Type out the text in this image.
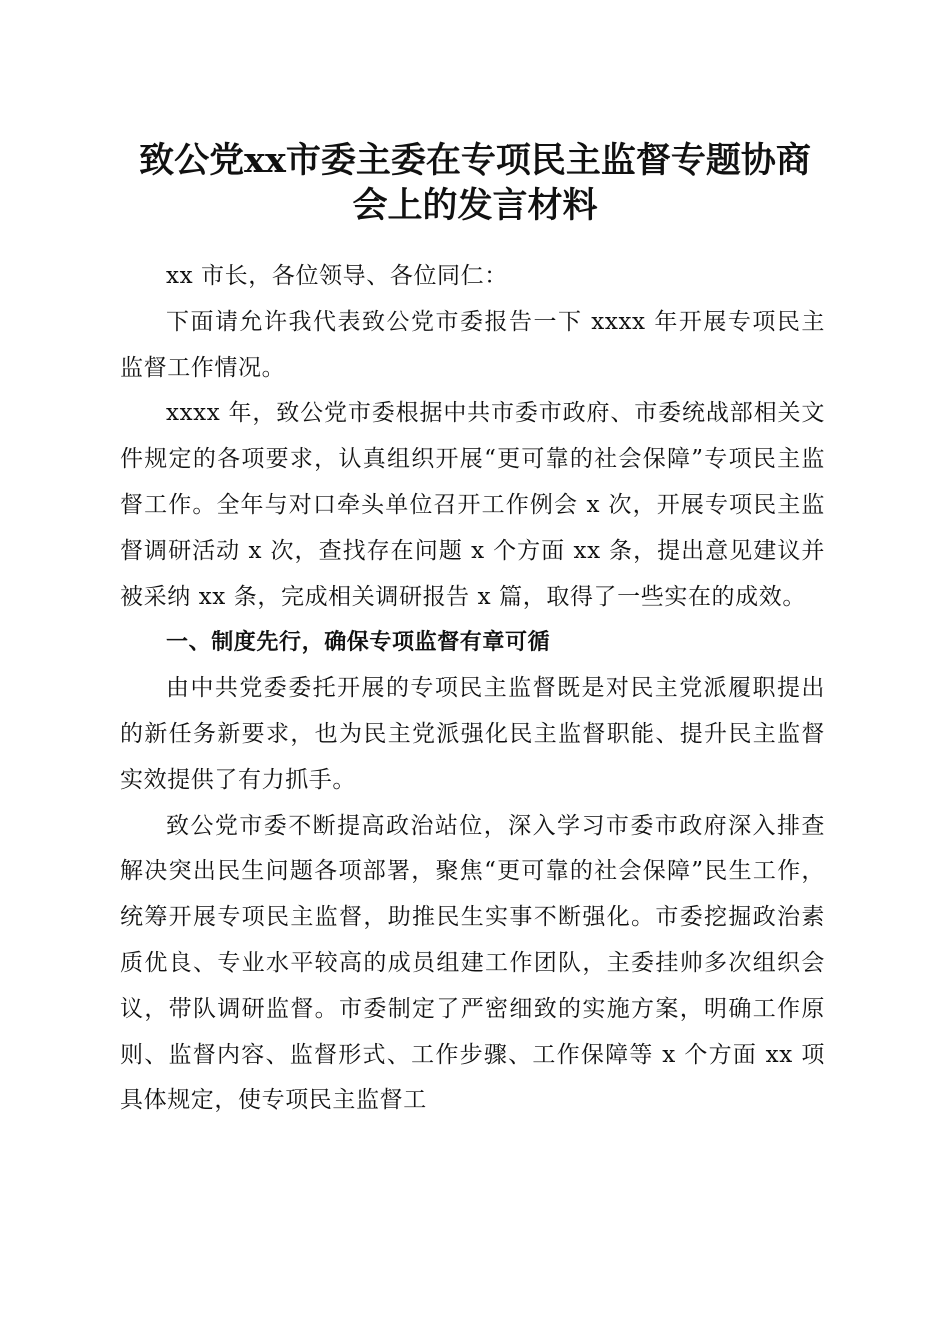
致公党xx市委主委在专项民主监督专题协商
会上的发言材料

xx 市长，各位领导、各位同仁：

下面请允许我代表致公党市委报告一下 xxxx 年开展专项民主监督工作情况。

xxxx 年，致公党市委根据中共市委市政府、市委统战部相关文件规定的各项要求，认真组织开展“更可靠的社会保障”专项民主监督工作。全年与对口牵头单位召开工作例会 x 次，开展专项民主监督调研活动 x 次，查找存在问题 x 个方面 xx 条，提出意见建议并被采纳 xx 条，完成相关调研报告 x 篇，取得了一些实在的成效。

一、制度先行，确保专项监督有章可循

由中共党委委托开展的专项民主监督既是对民主党派履职提出的新任务新要求，也为民主党派强化民主监督职能、提升民主监督实效提供了有力抓手。

致公党市委不断提高政治站位，深入学习市委市政府深入排查解决突出民生问题各项部署，聚焦“更可靠的社会保障”民生工作，统筹开展专项民主监督，助推民生实事不断强化。市委挖掘政治素质优良、专业水平较高的成员组建工作团队，主委挂帅多次组织会议，带队调研监督。市委制定了严密细致的实施方案，明确工作原则、监督内容、监督形式、工作步骤、工作保障等 x 个方面 xx 项具体规定，使专项民主监督工
